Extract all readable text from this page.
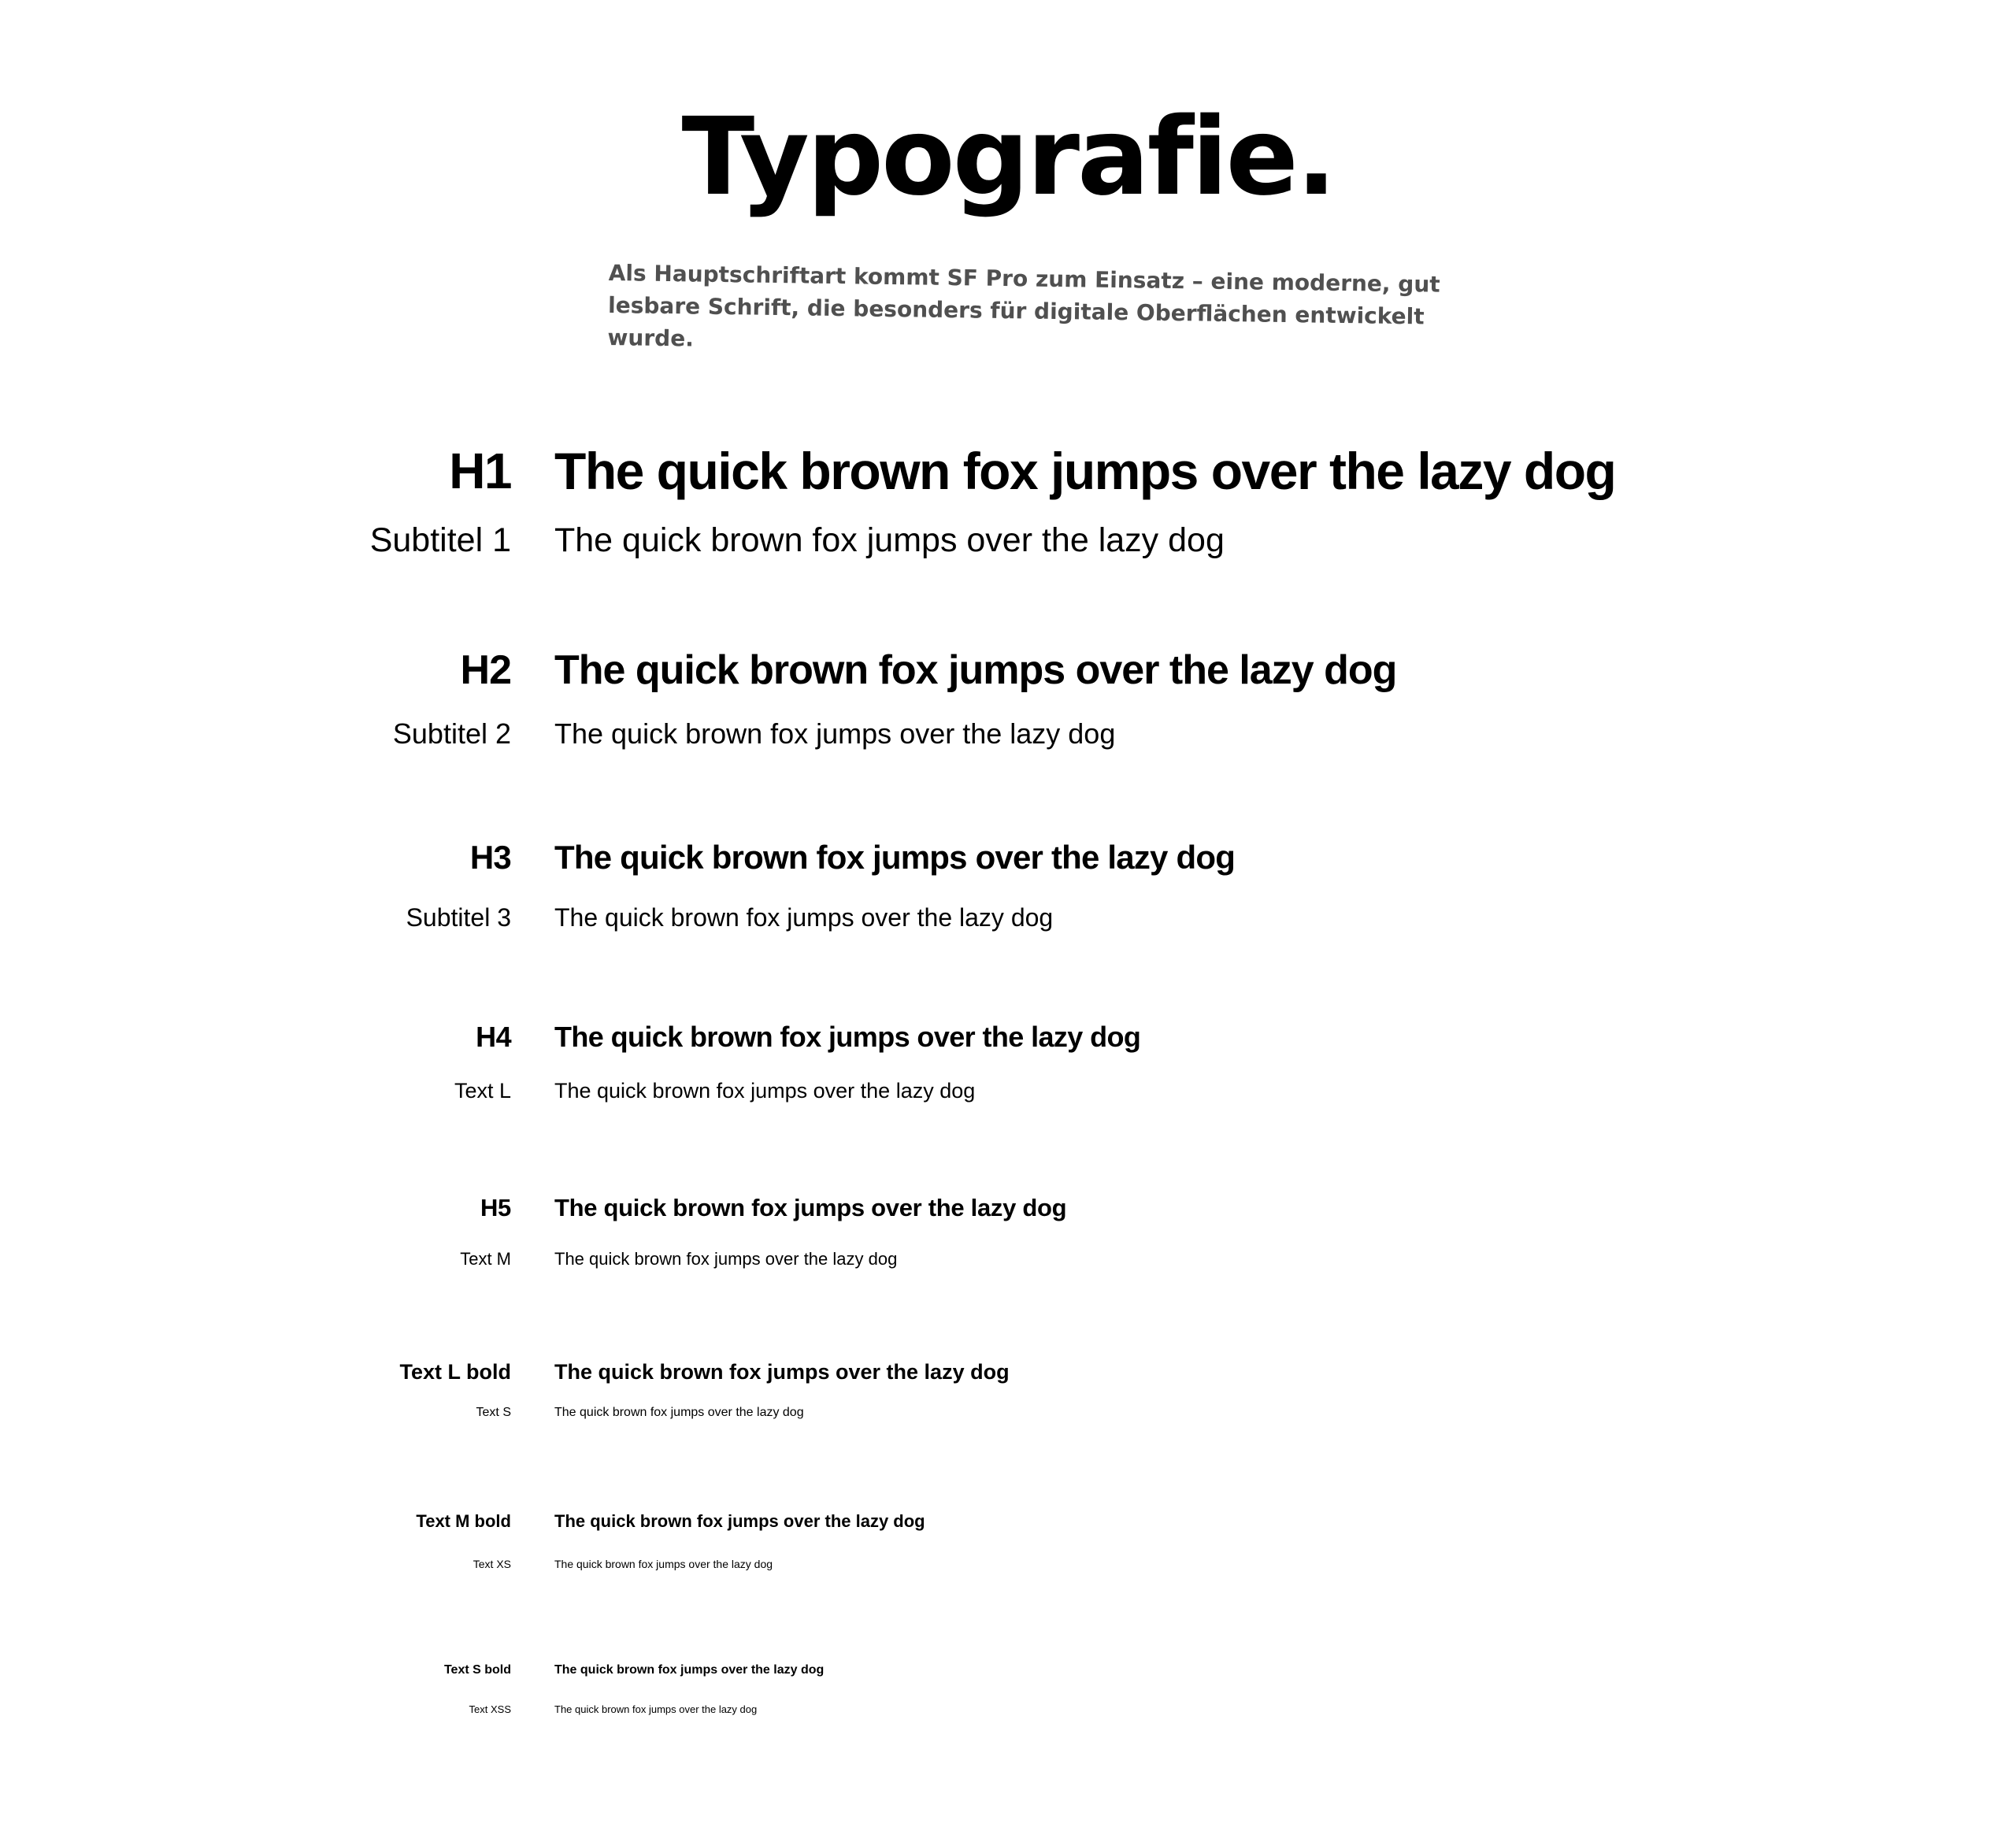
Typografie.

Als Hauptschriftart kommt SF Pro zum Einsatz – eine moderne, gut lesbare Schrift, die besonders für digitale Oberflächen entwickelt wurde.

H1 The quick brown fox jumps over the lazy dog
Subtitel 1 The quick brown fox jumps over the lazy dog
H2 The quick brown fox jumps over the lazy dog
Subtitel 2 The quick brown fox jumps over the lazy dog
H3 The quick brown fox jumps over the lazy dog
Subtitel 3 The quick brown fox jumps over the lazy dog
H4 The quick brown fox jumps over the lazy dog
Text L The quick brown fox jumps over the lazy dog
H5 The quick brown fox jumps over the lazy dog
Text M	The quick brown fox jumps over the lazy dog
Text L bold The quick brown fox jumps over the lazy dog
Text S	The quick brown fox jumps over the lazy dog
Text M bold	The quick brown fox jumps over the lazy dog
Text XS	The quick brown fox jumps over the lazy dog
Text S bold	The quick brown fox jumps over the lazy dog
Text XSS	The quick brown fox jumps over the lazy dog
